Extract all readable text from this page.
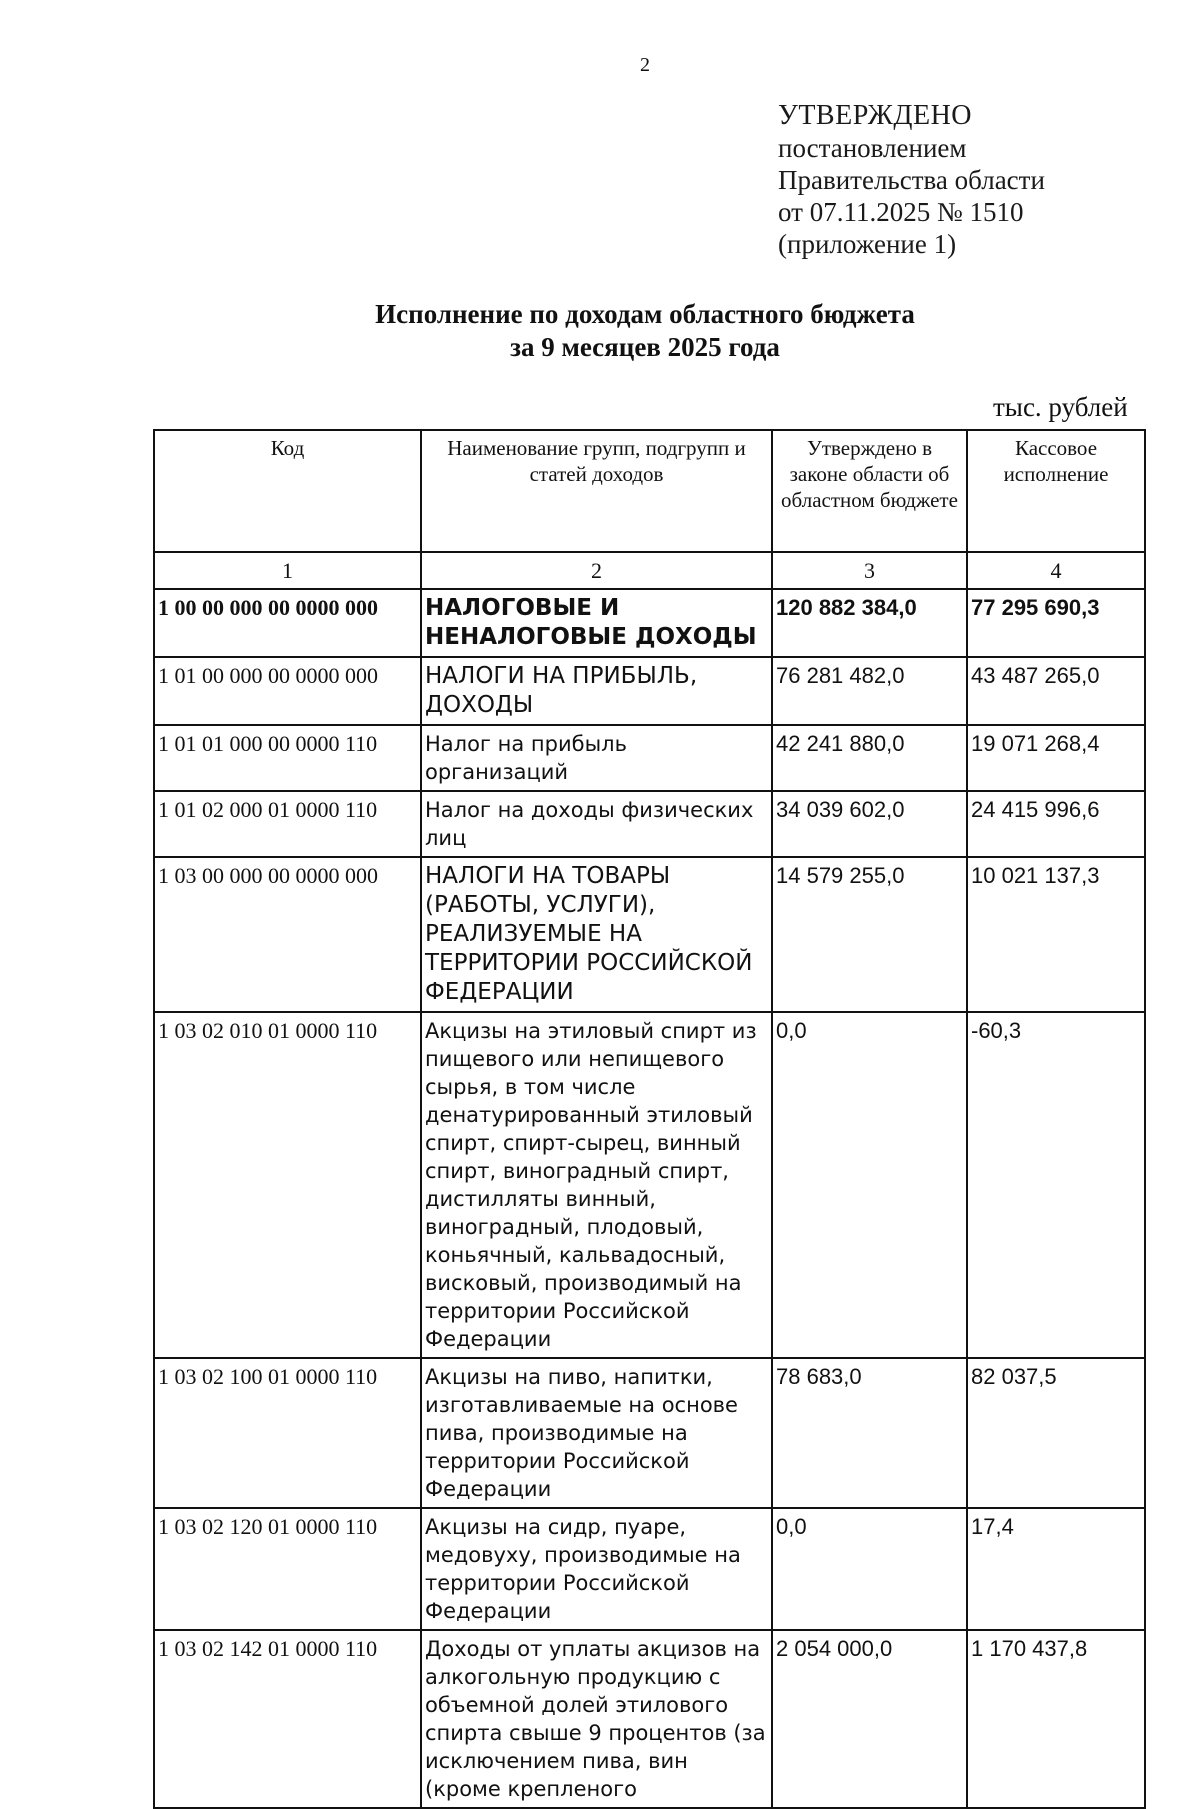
2
УТВЕРЖДЕНО
постановлением
Правительства области
от 07.11.2025 № 1510
(приложение 1)
Исполнение по доходам областного бюджета
за 9 месяцев 2025 года
тыс. рублей
Код	Наименование групп, подгрупп и статей доходов	Утверждено в законе области об областном бюджете	Кассовое исполнение
1	2	3	4
1 00 00 000 00 0000 000	НАЛОГОВЫЕ И НЕНАЛОГОВЫЕ ДОХОДЫ	120 882 384,0	77 295 690,3
1 01 00 000 00 0000 000	НАЛОГИ НА ПРИБЫЛЬ, ДОХОДЫ	76 281 482,0	43 487 265,0
1 01 01 000 00 0000 110	Налог на прибыль организаций	42 241 880,0	19 071 268,4
1 01 02 000 01 0000 110	Налог на доходы физических лиц	34 039 602,0	24 415 996,6
1 03 00 000 00 0000 000	НАЛОГИ НА ТОВАРЫ (РАБОТЫ, УСЛУГИ), РЕАЛИЗУЕМЫЕ НА ТЕРРИТОРИИ РОССИЙСКОЙ ФЕДЕРАЦИИ	14 579 255,0	10 021 137,3
1 03 02 010 01 0000 110	Акцизы на этиловый спирт из пищевого или непищевого сырья, в том числе денатурированный этиловый спирт, спирт-сырец, винный спирт, виноградный спирт, дистилляты винный, виноградный, плодовый, коньячный, кальвадосный, висковый, производимый на территории Российской Федерации	0,0	-60,3
1 03 02 100 01 0000 110	Акцизы на пиво, напитки, изготавливаемые на основе пива, производимые на территории Российской Федерации	78 683,0	82 037,5
1 03 02 120 01 0000 110	Акцизы на сидр, пуаре, медовуху, производимые на территории Российской Федерации	0,0	17,4
1 03 02 142 01 0000 110	Доходы от уплаты акцизов на алкогольную продукцию с объемной долей этилового спирта свыше 9 процентов (за исключением пива, вин (кроме крепленого	2 054 000,0	1 170 437,8
